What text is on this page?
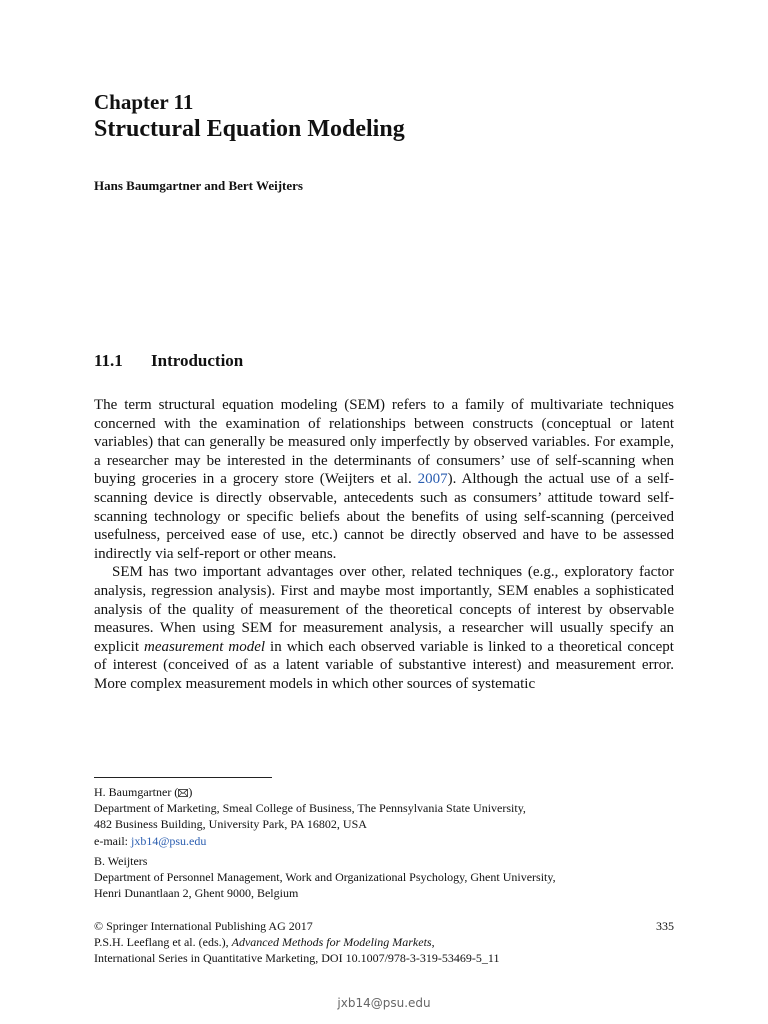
Chapter 11
Structural Equation Modeling
Hans Baumgartner and Bert Weijters
11.1 Introduction

The term structural equation modeling (SEM) refers to a family of multivariate techniques concerned with the examination of relationships between constructs (conceptual or latent variables) that can generally be measured only imperfectly by observed variables. For example, a researcher may be interested in the determinants of consumers’ use of self-scanning when buying groceries in a grocery store (Weijters et al. 2007). Although the actual use of a self-scanning device is directly observable, antecedents such as consumers’ attitude toward self-scanning technology or specific beliefs about the benefits of using self-scanning (perceived usefulness, perceived ease of use, etc.) cannot be directly observed and have to be assessed indirectly via self-report or other means.

SEM has two important advantages over other, related techniques (e.g., exploratory factor analysis, regression analysis). First and maybe most importantly, SEM enables a sophisticated analysis of the quality of measurement of the theoretical concepts of interest by observable measures. When using SEM for measurement analysis, a researcher will usually specify an explicit measurement model in which each observed variable is linked to a theoretical concept of interest (conceived of as a latent variable of substantive interest) and measurement error. More complex measurement models in which other sources of systematic

H. Baumgartner ( )
Department of Marketing, Smeal College of Business, The Pennsylvania State University,
482 Business Building, University Park, PA 16802, USA
e-mail: jxb14@psu.edu
B. Weijters
Department of Personnel Management, Work and Organizational Psychology, Ghent University,
Henri Dunantlaan 2, Ghent 9000, Belgium
© Springer International Publishing AG 2017	335
P.S.H. Leeflang et al. (eds.), Advanced Methods for Modeling Markets,
International Series in Quantitative Marketing, DOI 10.1007/978-3-319-53469-5_11
jxb14@psu.edu
